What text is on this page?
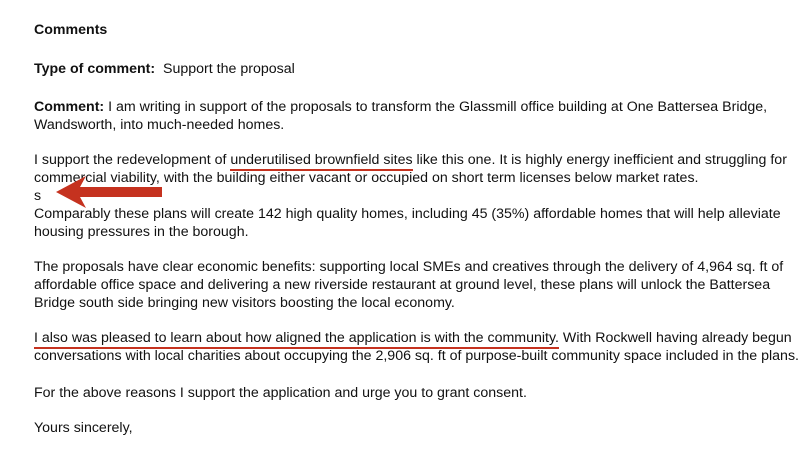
Comments
Type of comment: Support the proposal
Comment: I am writing in support of the proposals to transform the Glassmill office building at One Battersea Bridge,
Wandsworth, into much-needed homes.
I support the redevelopment of underutilised brownfield sites like this one. It is highly energy inefficient and struggling for
commercial viability, with the building either vacant or occupied on short term licenses below market rates.
s
Comparably these plans will create 142 high quality homes, including 45 (35%) affordable homes that will help alleviate
housing pressures in the borough.
The proposals have clear economic benefits: supporting local SMEs and creatives through the delivery of 4,964 sq. ft of
affordable office space and delivering a new riverside restaurant at ground level, these plans will unlock the Battersea
Bridge south side bringing new visitors boosting the local economy.
I also was pleased to learn about how aligned the application is with the community. With Rockwell having already begun
conversations with local charities about occupying the 2,906 sq. ft of purpose-built community space included in the plans.
For the above reasons I support the application and urge you to grant consent.
Yours sincerely,
